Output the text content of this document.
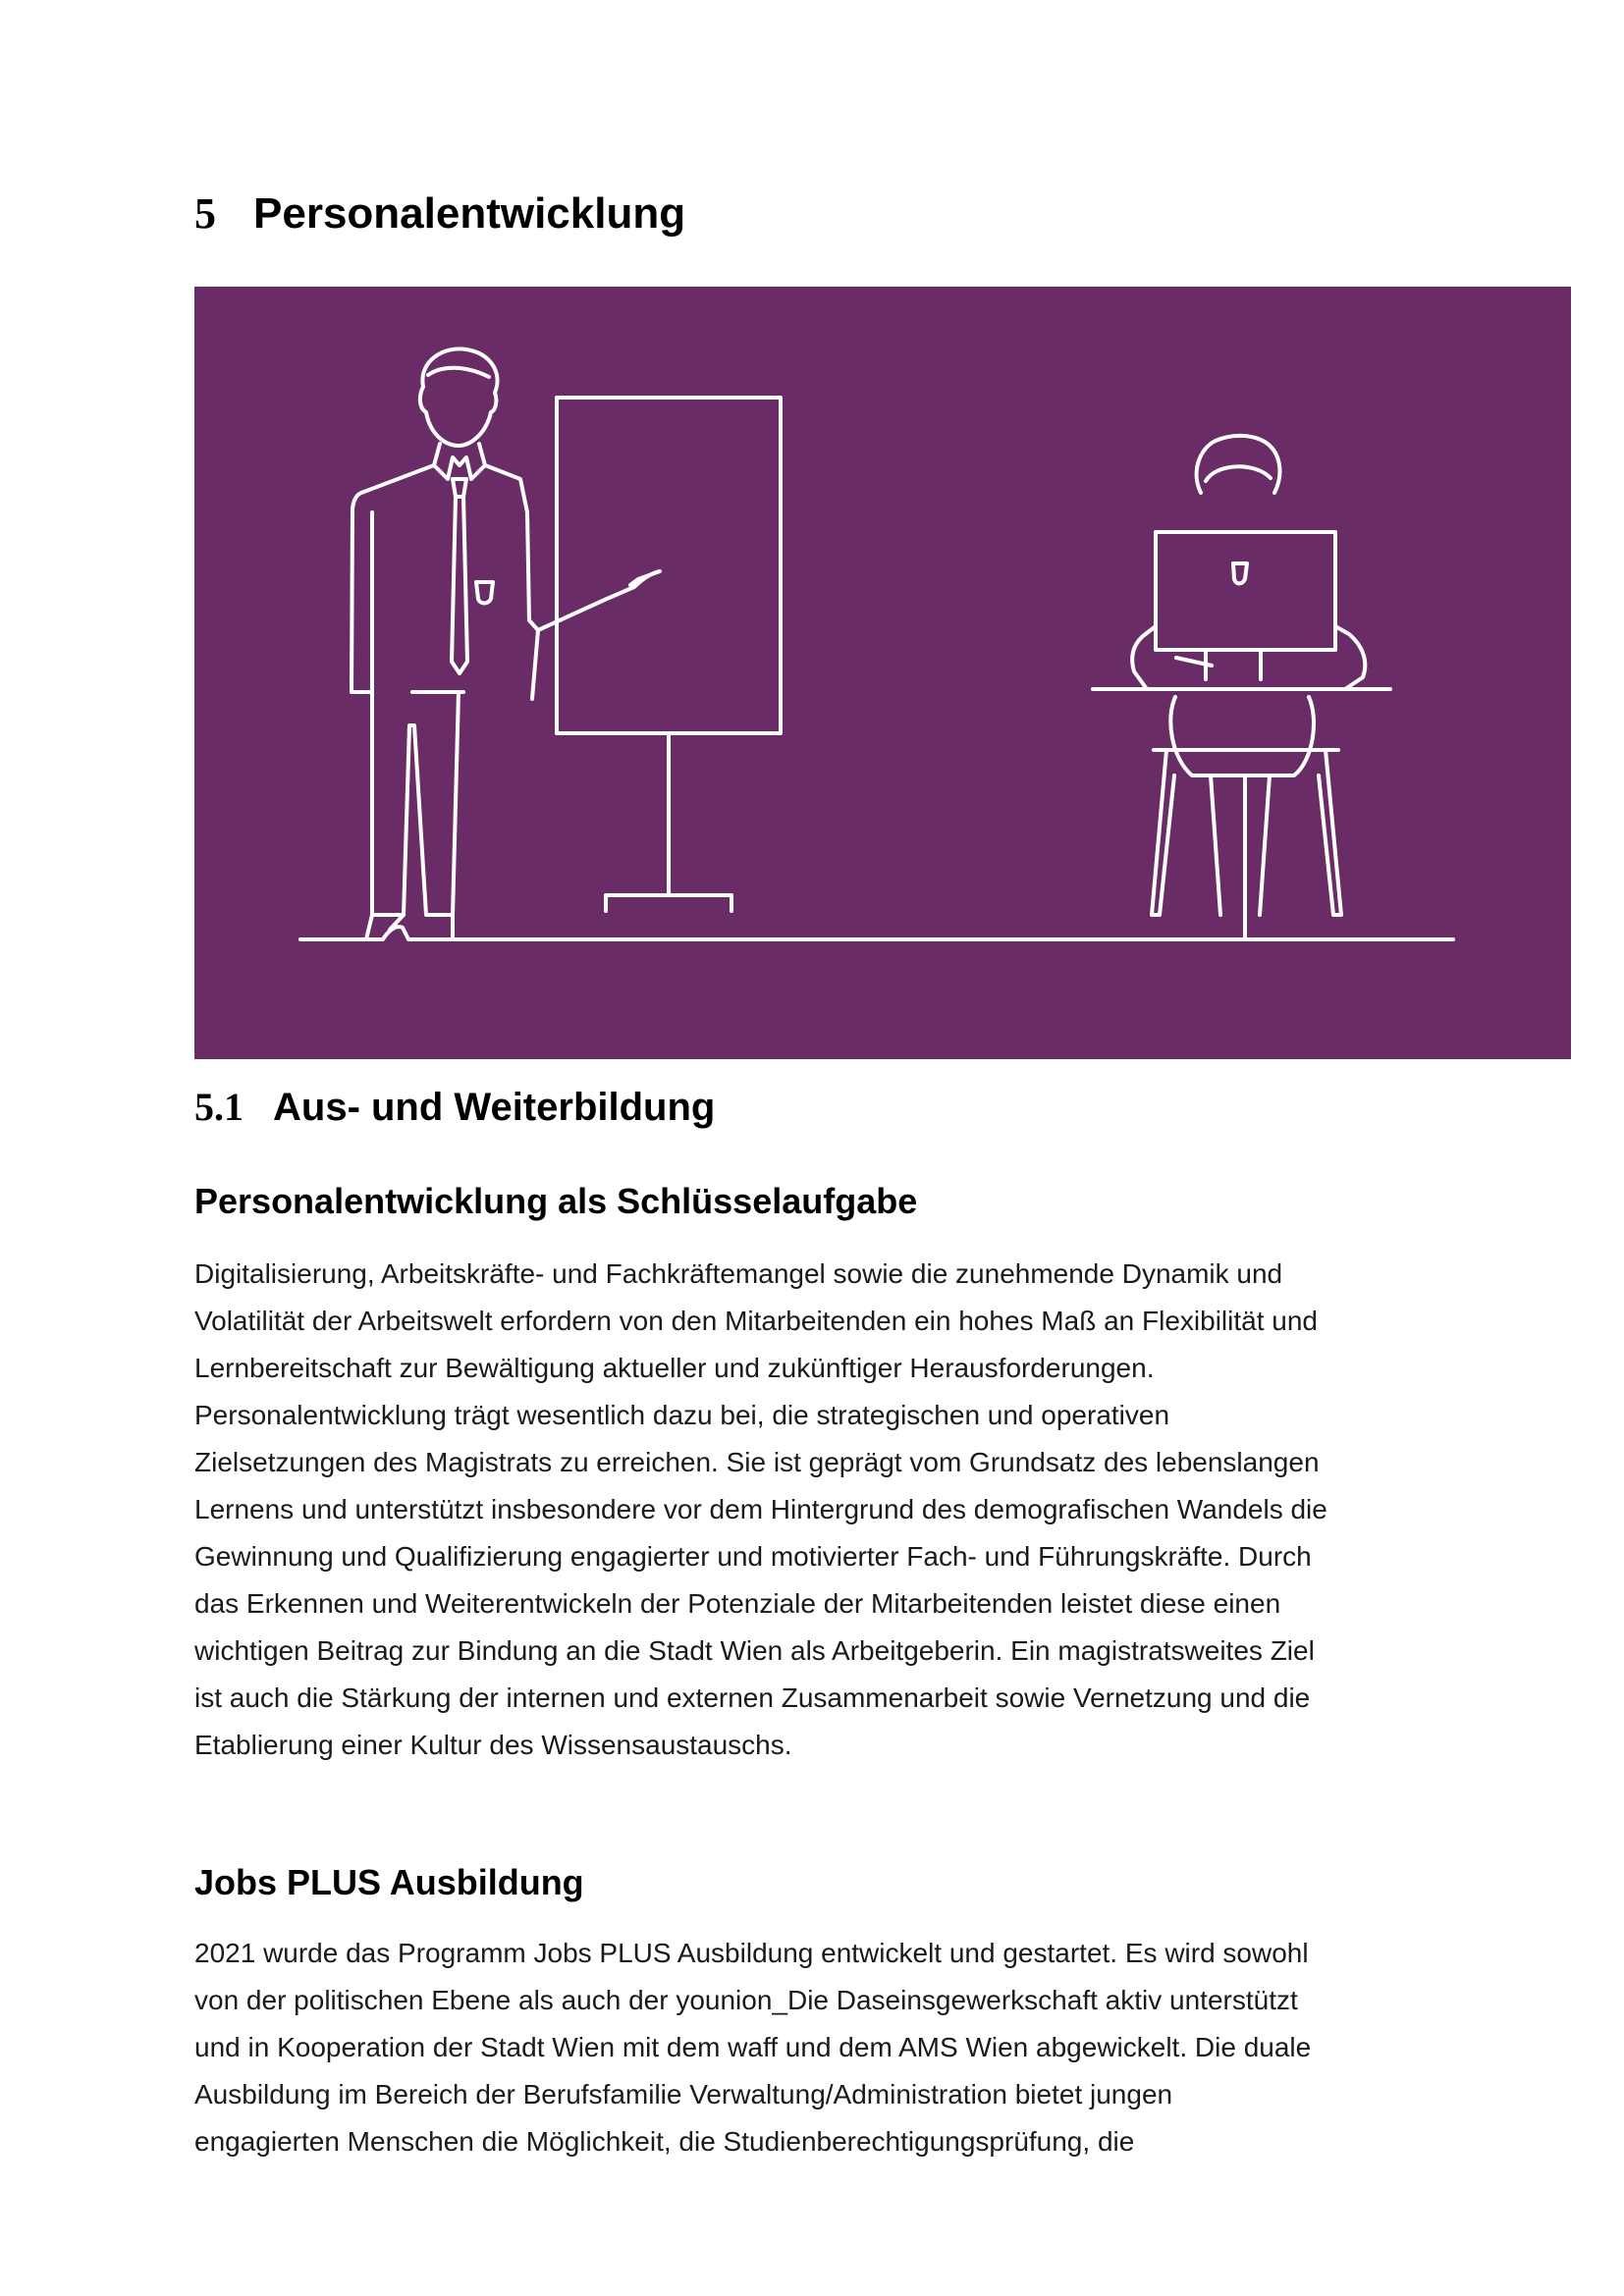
5 Personalentwicklung
5.1 Aus- und Weiterbildung
Personalentwicklung als Schlüsselaufgabe

Digitalisierung, Arbeitskräfte- und Fachkräftemangel sowie die zunehmende Dynamik und
Volatilität der Arbeitswelt erfordern von den Mitarbeitenden ein hohes Maß an Flexibilität und
Lernbereitschaft zur Bewältigung aktueller und zukünftiger Herausforderungen.
Personalentwicklung trägt wesentlich dazu bei, die strategischen und operativen
Zielsetzungen des Magistrats zu erreichen. Sie ist geprägt vom Grundsatz des lebenslangen
Lernens und unterstützt insbesondere vor dem Hintergrund des demografischen Wandels die
Gewinnung und Qualifizierung engagierter und motivierter Fach- und Führungskräfte. Durch
das Erkennen und Weiterentwickeln der Potenziale der Mitarbeitenden leistet diese einen
wichtigen Beitrag zur Bindung an die Stadt Wien als Arbeitgeberin. Ein magistratsweites Ziel
ist auch die Stärkung der internen und externen Zusammenarbeit sowie Vernetzung und die
Etablierung einer Kultur des Wissensaustauschs.

Jobs PLUS Ausbildung

2021 wurde das Programm Jobs PLUS Ausbildung entwickelt und gestartet. Es wird sowohl
von der politischen Ebene als auch der younion_Die Daseinsgewerkschaft aktiv unterstützt
und in Kooperation der Stadt Wien mit dem waff und dem AMS Wien abgewickelt. Die duale
Ausbildung im Bereich der Berufsfamilie Verwaltung/Administration bietet jungen
engagierten Menschen die Möglichkeit, die Studienberechtigungsprüfung, die
